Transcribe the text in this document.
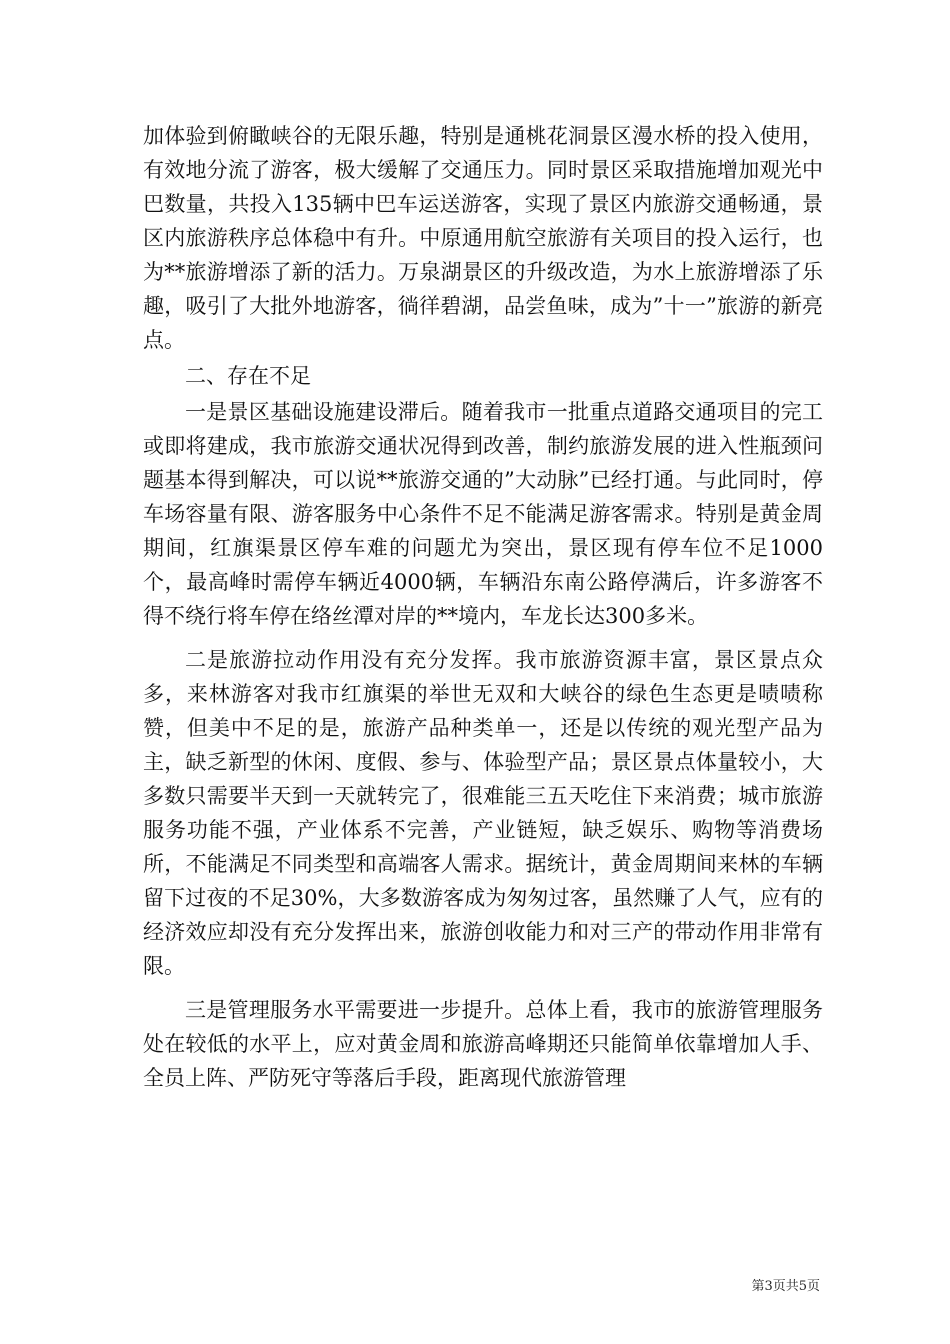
加体验到俯瞰峡谷的无限乐趣，特别是通桃花洞景区漫水桥的投入使用，有效地分流了游客，极大缓解了交通压力。同时景区采取措施增加观光中巴数量，共投入135辆中巴车运送游客，实现了景区内旅游交通畅通，景区内旅游秩序总体稳中有升。中原通用航空旅游有关项目的投入运行，也为**旅游增添了新的活力。万泉湖景区的升级改造，为水上旅游增添了乐趣，吸引了大批外地游客，徜徉碧湖，品尝鱼味，成为”十一”旅游的新亮点。

二、存在不足

一是景区基础设施建设滞后。随着我市一批重点道路交通项目的完工或即将建成，我市旅游交通状况得到改善，制约旅游发展的进入性瓶颈问题基本得到解决，可以说**旅游交通的”大动脉”已经打通。与此同时，停车场容量有限、游客服务中心条件不足不能满足游客需求。特别是黄金周期间，红旗渠景区停车难的问题尤为突出，景区现有停车位不足1000个，最高峰时需停车辆近4000辆，车辆沿东南公路停满后，许多游客不得不绕行将车停在络丝潭对岸的**境内，车龙长达300多米。

二是旅游拉动作用没有充分发挥。我市旅游资源丰富，景区景点众多，来林游客对我市红旗渠的举世无双和大峡谷的绿色生态更是啧啧称赞，但美中不足的是，旅游产品种类单一，还是以传统的观光型产品为主，缺乏新型的休闲、度假、参与、体验型产品；景区景点体量较小，大多数只需要半天到一天就转完了，很难能三五天吃住下来消费；城市旅游服务功能不强，产业体系不完善，产业链短，缺乏娱乐、购物等消费场所，不能满足不同类型和高端客人需求。据统计，黄金周期间来林的车辆留下过夜的不足30%，大多数游客成为匆匆过客，虽然赚了人气，应有的经济效应却没有充分发挥出来，旅游创收能力和对三产的带动作用非常有限。

三是管理服务水平需要进一步提升。总体上看，我市的旅游管理服务处在较低的水平上，应对黄金周和旅游高峰期还只能简单依靠增加人手、全员上阵、严防死守等落后手段，距离现代旅游管理

第3页共5页
